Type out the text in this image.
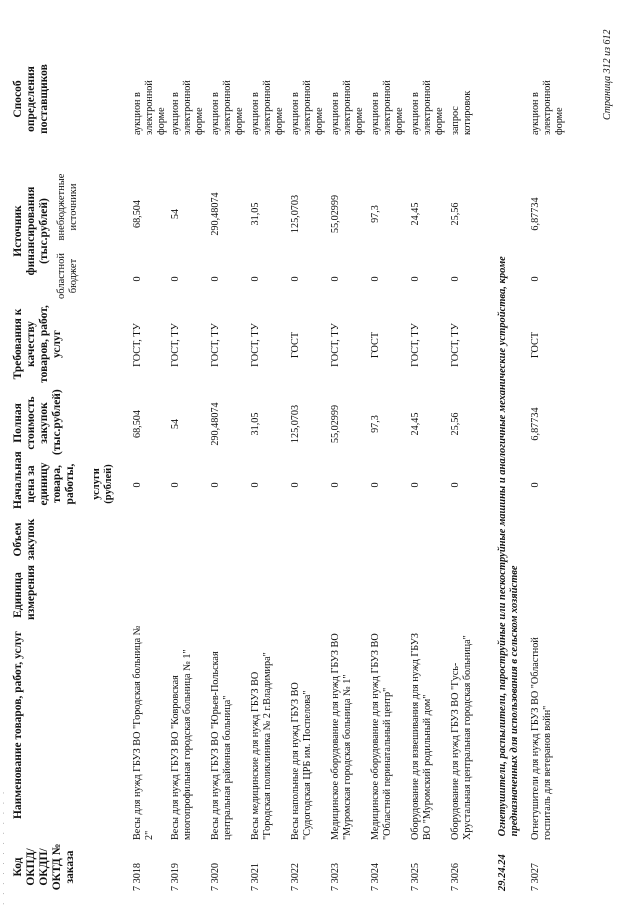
· · · · · · · · · · · · Код ОКПД/ ОКДП/ ОКТД № заказа
Наименование товаров, работ, услуг
Единица измерения
Объем закупок
Начальная цена за единицу товара, работы, услуги (рублей)
Полная стоимость закупок (тыс.рублей)
Требования к качеству товаров, работ, услуг
Источник финансирования (тыс.рублей)
областной бюджет
внебюджетные источники
Способ определения поставщиков
7 3018
Весы для нужд ГБУЗ ВО "Городская больница № 2"
0
68,504
ГОСТ, ТУ
0
68,504
аукцион в электронной форме
7 3019
Весы для нужд ГБУЗ ВО "Ковровская многопрофильная городская больница № 1"
0
54
ГОСТ, ТУ
0
54
аукцион в электронной форме
7 3020
Весы для нужд ГБУЗ ВО "Юрьев-Польская центральная районная больница"
0
290,48074
ГОСТ, ТУ
0
290,48074
аукцион в электронной форме
7 3021
Весы медицинские для нужд ГБУЗ ВО "Городская поликлиника № 2 г.Владимира"
0
31,05
ГОСТ, ТУ
0
31,05
аукцион в электронной форме
7 3022
Весы напольные для нужд ГБУЗ ВО "Судогодская ЦРБ им. Поспелова"
0
125,0703
ГОСТ
0
125,0703
аукцион в электронной форме
7 3023
Медицинское оборудование для нужд ГБУЗ ВО "Муромская городская больница № 1"
0
55,02999
ГОСТ, ТУ
0
55,02999
аукцион в электронной форме
7 3024
Медицинское оборудование для нужд ГБУЗ ВО "Областной перинатальный центр"
0
97,3
ГОСТ
0
97,3
аукцион в электронной форме
7 3025
Оборудование для взвешивания для нужд ГБУЗ ВО "Муромский родильный дом"
0
24,45
ГОСТ, ТУ
0
24,45
аукцион в электронной форме
7 3026
Оборудование для нужд ГБУЗ ВО "Гусь-Хрустальная центральная городская больница"
0
25,56
ГОСТ, ТУ
0
25,56
запрос котировок
29.24.24 Огнетушители, распылители, пароструйные или пескоструйные машины и аналогичные механические устройства, кроме предназначенных для использования в сельском хозяйстве
7 3027
Огнетушители для нужд ГБУЗ ВО "Областной госпиталь для ветеранов войн"
0
6,87734
ГОСТ
0
6,87734
аукцион в электронной форме
Страница 312 из 612
